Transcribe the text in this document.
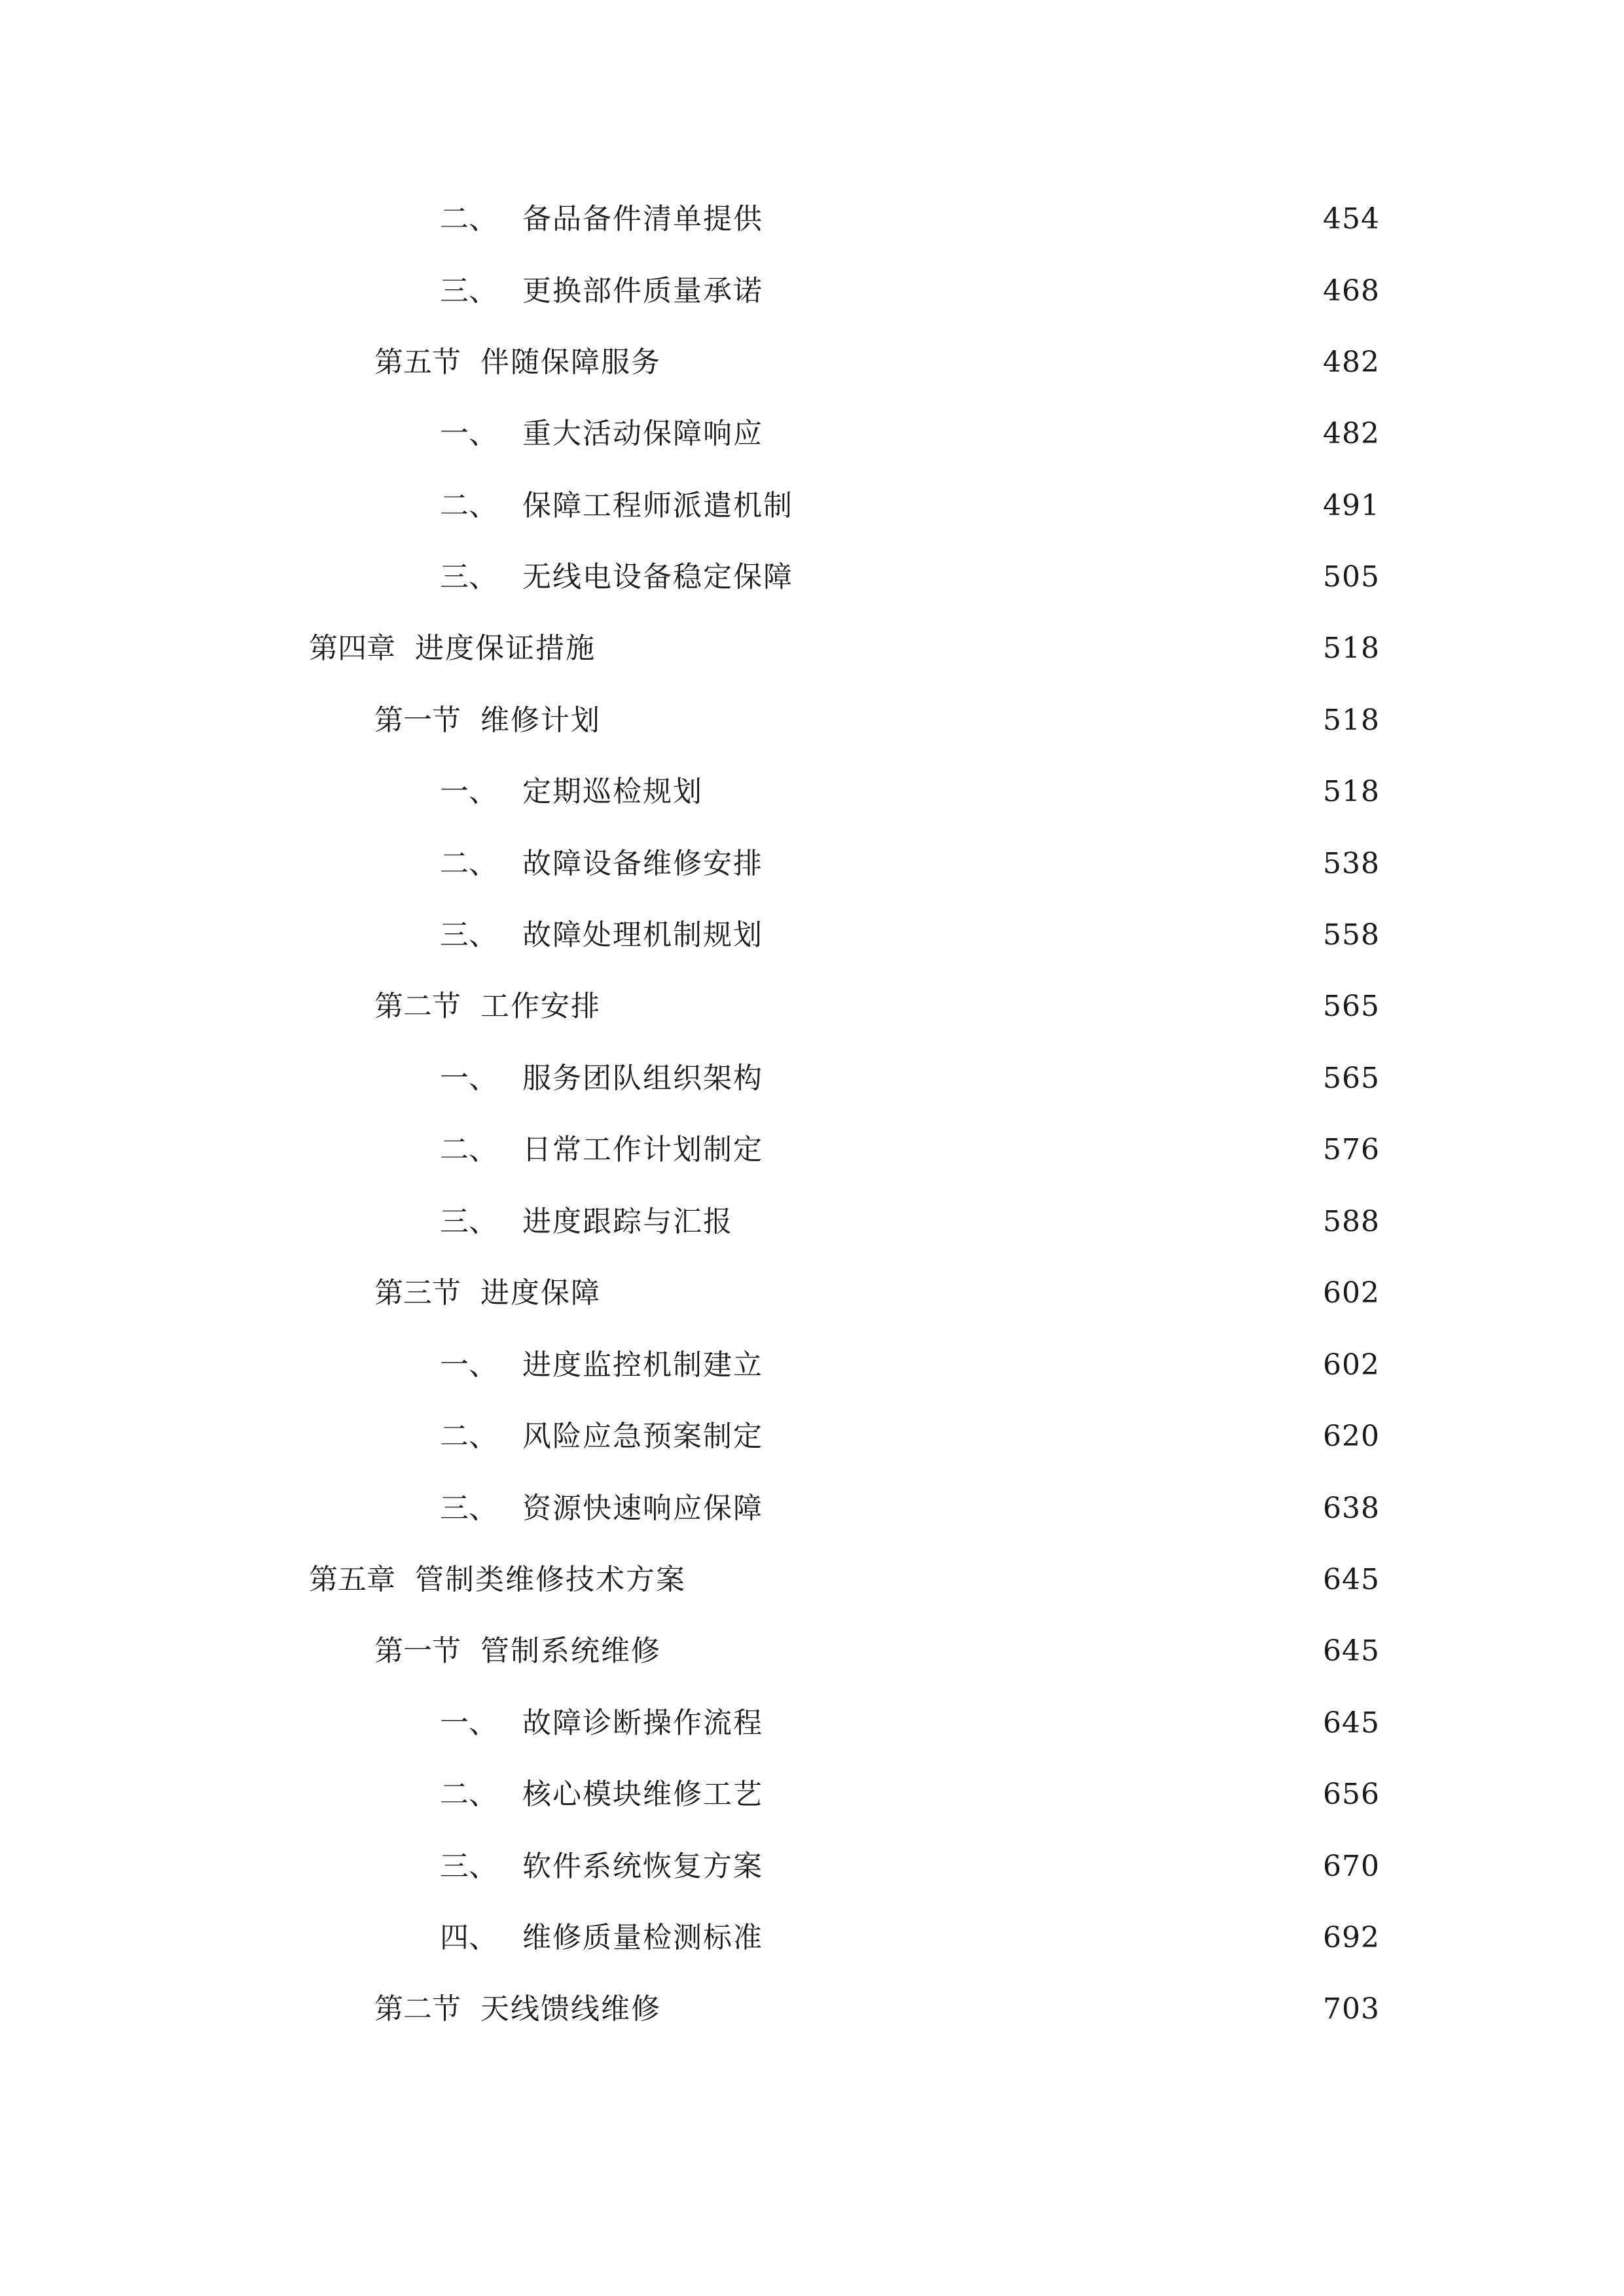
二、 备品备件清单提供	454
三、 更换部件质量承诺	468
第五节 伴随保障服务	482
一、 重大活动保障响应	482
二、 保障工程师派遣机制	491
三、 无线电设备稳定保障	505
第四章 进度保证措施	518
第一节 维修计划	518
一、 定期巡检规划	518
二、 故障设备维修安排	538
三、 故障处理机制规划	558
第二节 工作安排	565
一、 服务团队组织架构	565
二、 日常工作计划制定	576
三、 进度跟踪与汇报	588
第三节 进度保障	602
一、 进度监控机制建立	602
二、 风险应急预案制定	620
三、 资源快速响应保障	638
第五章 管制类维修技术方案	645
第一节 管制系统维修	645
一、 故障诊断操作流程	645
二、 核心模块维修工艺	656
三、 软件系统恢复方案	670
四、 维修质量检测标准	692
第二节 天线馈线维修	703
